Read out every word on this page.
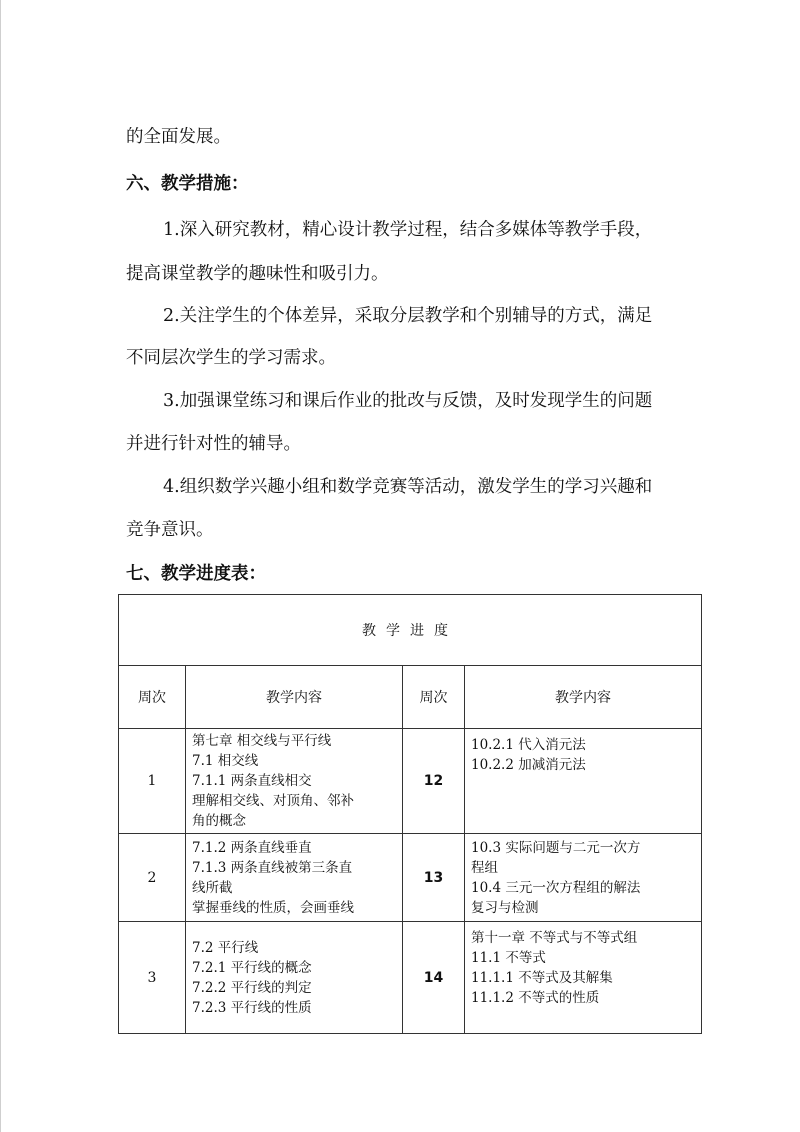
的全面发展。
六、教学措施：
1.深入研究教材，精心设计教学过程，结合多媒体等教学手段，
提高课堂教学的趣味性和吸引力。
2.关注学生的个体差异，采取分层教学和个别辅导的方式，满足
不同层次学生的学习需求。
3.加强课堂练习和课后作业的批改与反馈，及时发现学生的问题
并进行针对性的辅导。
4.组织数学兴趣小组和数学竞赛等活动，激发学生的学习兴趣和
竞争意识。
七、教学进度表：
教学进度			
周次	教学内容	周次	教学内容
1	第七章 相交线与平行线
7.1 相交线
7.1.1 两条直线相交
理解相交线、对顶角、邻补
角的概念	12	10.2.1 代入消元法
10.2.2 加减消元法

2	7.1.2 两条直线垂直
7.1.3 两条直线被第三条直
线所截
掌握垂线的性质，会画垂线	13	10.3 实际问题与二元一次方
程组
10.4 三元一次方程组的解法
复习与检测

3	7.2 平行线
7.2.1 平行线的概念
7.2.2 平行线的判定
7.2.3 平行线的性质	14	第十一章 不等式与不等式组
11.1 不等式
11.1.1 不等式及其解集
11.1.2 不等式的性质
